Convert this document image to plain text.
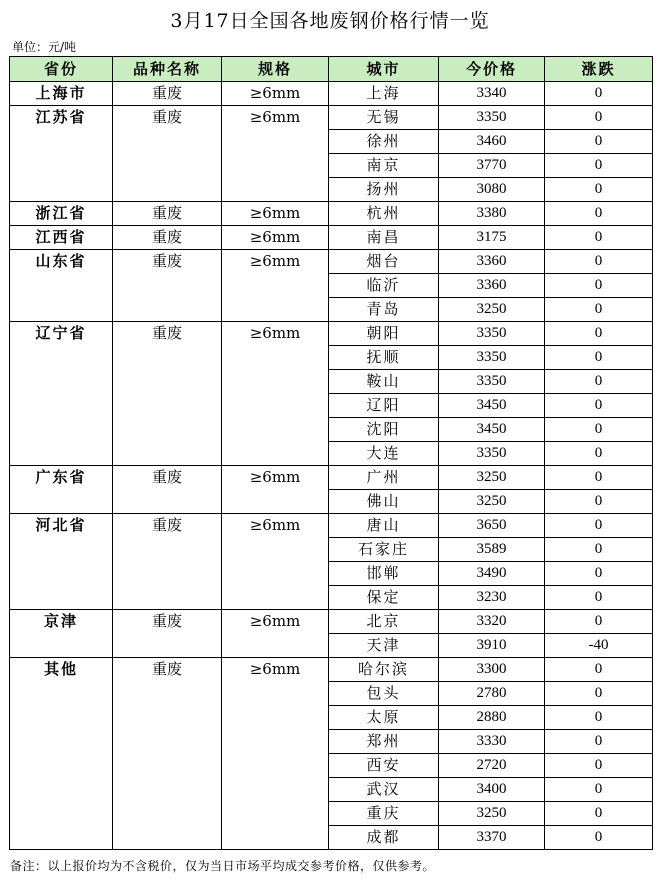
3月17日全国各地废钢价格行情一览
单位：元/吨
省份	品种名称	规格	城市	今价格	涨跌
上海市	重废	≥6mm	上海	3340	0
江苏省	重废	≥6mm	无锡	3350	0
			徐州	3460	0
			南京	3770	0
			扬州	3080	0
浙江省	重废	≥6mm	杭州	3380	0
江西省	重废	≥6mm	南昌	3175	0
山东省	重废	≥6mm	烟台	3360	0
			临沂	3360	0
			青岛	3250	0
辽宁省	重废	≥6mm	朝阳	3350	0
			抚顺	3350	0
			鞍山	3350	0
			辽阳	3450	0
			沈阳	3450	0
			大连	3350	0
广东省	重废	≥6mm	广州	3250	0
			佛山	3250	0
河北省	重废	≥6mm	唐山	3650	0
			石家庄	3589	0
			邯郸	3490	0
			保定	3230	0
京津	重废	≥6mm	北京	3320	0
			天津	3910	-40
其他	重废	≥6mm	哈尔滨	3300	0
			包头	2780	0
			太原	2880	0
			郑州	3330	0
			西安	2720	0
			武汉	3400	0
			重庆	3250	0
			成都	3370	0
备注：以上报价均为不含税价，仅为当日市场平均成交参考价格，仅供参考。
